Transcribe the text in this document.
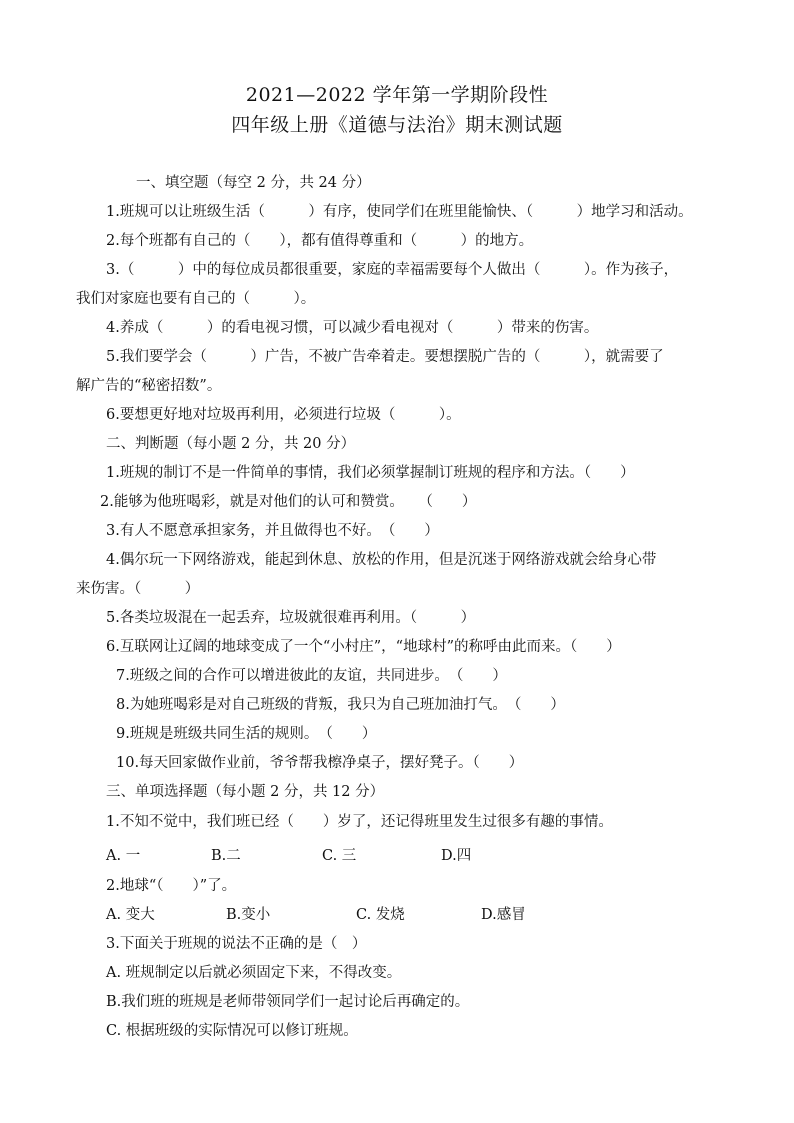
2021—2022 学年第一学期阶段性
四年级上册《道德与法治》期末测试题
一、填空题（每空 2 分，共 24 分）
1.班规可以让班级生活（　　　）有序，使同学们在班里能愉快、（　　　）地学习和活动。
2.每个班都有自己的（　　），都有值得尊重和（　　　）的地方。
3.（　　　）中的每位成员都很重要，家庭的幸福需要每个人做出（　　　）。作为孩子，
我们对家庭也要有自己的（　　　）。
4.养成（　　　）的看电视习惯，可以减少看电视对（　　　）带来的伤害。
5.我们要学会（　　　）广告，不被广告牵着走。要想摆脱广告的（　　　），就需要了
解广告的“秘密招数”。
6.要想更好地对垃圾再利用，必须进行垃圾（　　　）。
二、判断题（每小题 2 分，共 20 分）
1.班规的制订不是一件简单的事情，我们必须掌握制订班规的程序和方法。（　　）
2.能够为他班喝彩，就是对他们的认可和赞赏。　　（　　）
3.有人不愿意承担家务，并且做得也不好。　（　　）
4.偶尔玩一下网络游戏，能起到休息、放松的作用，但是沉迷于网络游戏就会给身心带
来伤害。（　　　）
5.各类垃圾混在一起丢弃，垃圾就很难再利用。（　　　）
6.互联网让辽阔的地球变成了一个“小村庄”，“地球村”的称呼由此而来。（　　）
7.班级之间的合作可以增进彼此的友谊，共同进步。　（　　）
8.为她班喝彩是对自己班级的背叛，我只为自己班加油打气。　（　　）
9.班规是班级共同生活的规则。　（　　）
10.每天回家做作业前，爷爷帮我檫净桌子，摆好凳子。（　　）
三、单项选择题（每小题 2 分，共 12 分）
1.不知不觉中，我们班已经（　　）岁了，还记得班里发生过很多有趣的事情。
A. 一	B.二	C. 三	D.四
2.地球“（　　）”了。
A. 变大	B.变小	C. 发烧	D.感冒
3.下面关于班规的说法不正确的是（　）
A. 班规制定以后就必须固定下来，不得改变。
B.我们班的班规是老师带领同学们一起讨论后再确定的。
C. 根据班级的实际情况可以修订班规。
